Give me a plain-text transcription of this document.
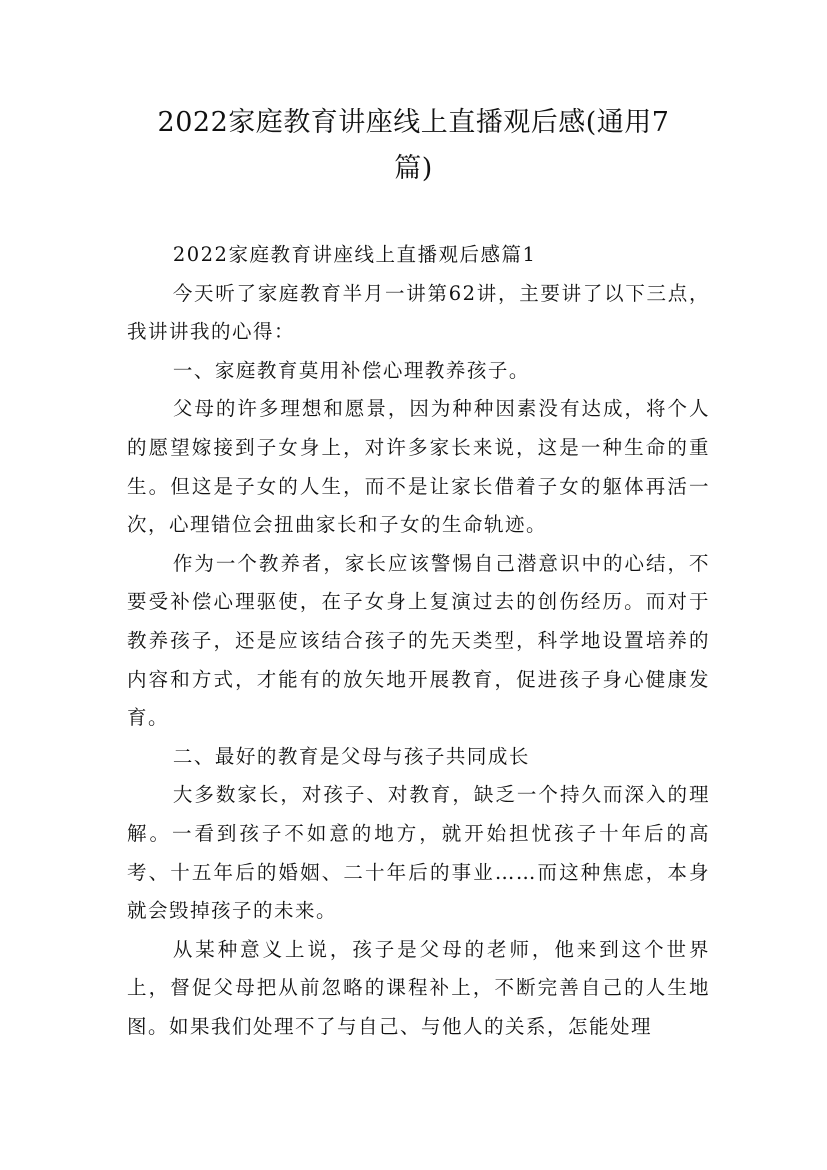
2022家庭教育讲座线上直播观后感(通用7
篇)

2022家庭教育讲座线上直播观后感篇1

今天听了家庭教育半月一讲第62讲，主要讲了以下三点，我讲讲我的心得：

一、家庭教育莫用补偿心理教养孩子。

父母的许多理想和愿景，因为种种因素没有达成，将个人的愿望嫁接到子女身上，对许多家长来说，这是一种生命的重生。但这是子女的人生，而不是让家长借着子女的躯体再活一次，心理错位会扭曲家长和子女的生命轨迹。

作为一个教养者，家长应该警惕自己潜意识中的心结，不要受补偿心理驱使，在子女身上复演过去的创伤经历。而对于教养孩子，还是应该结合孩子的先天类型，科学地设置培养的内容和方式，才能有的放矢地开展教育，促进孩子身心健康发育。

二、最好的教育是父母与孩子共同成长

大多数家长，对孩子、对教育，缺乏一个持久而深入的理解。一看到孩子不如意的地方，就开始担忧孩子十年后的高考、十五年后的婚姻、二十年后的事业……而这种焦虑，本身就会毁掉孩子的未来。

从某种意义上说，孩子是父母的老师，他来到这个世界上，督促父母把从前忽略的课程补上，不断完善自己的人生地图。如果我们处理不了与自己、与他人的关系，怎能处理
